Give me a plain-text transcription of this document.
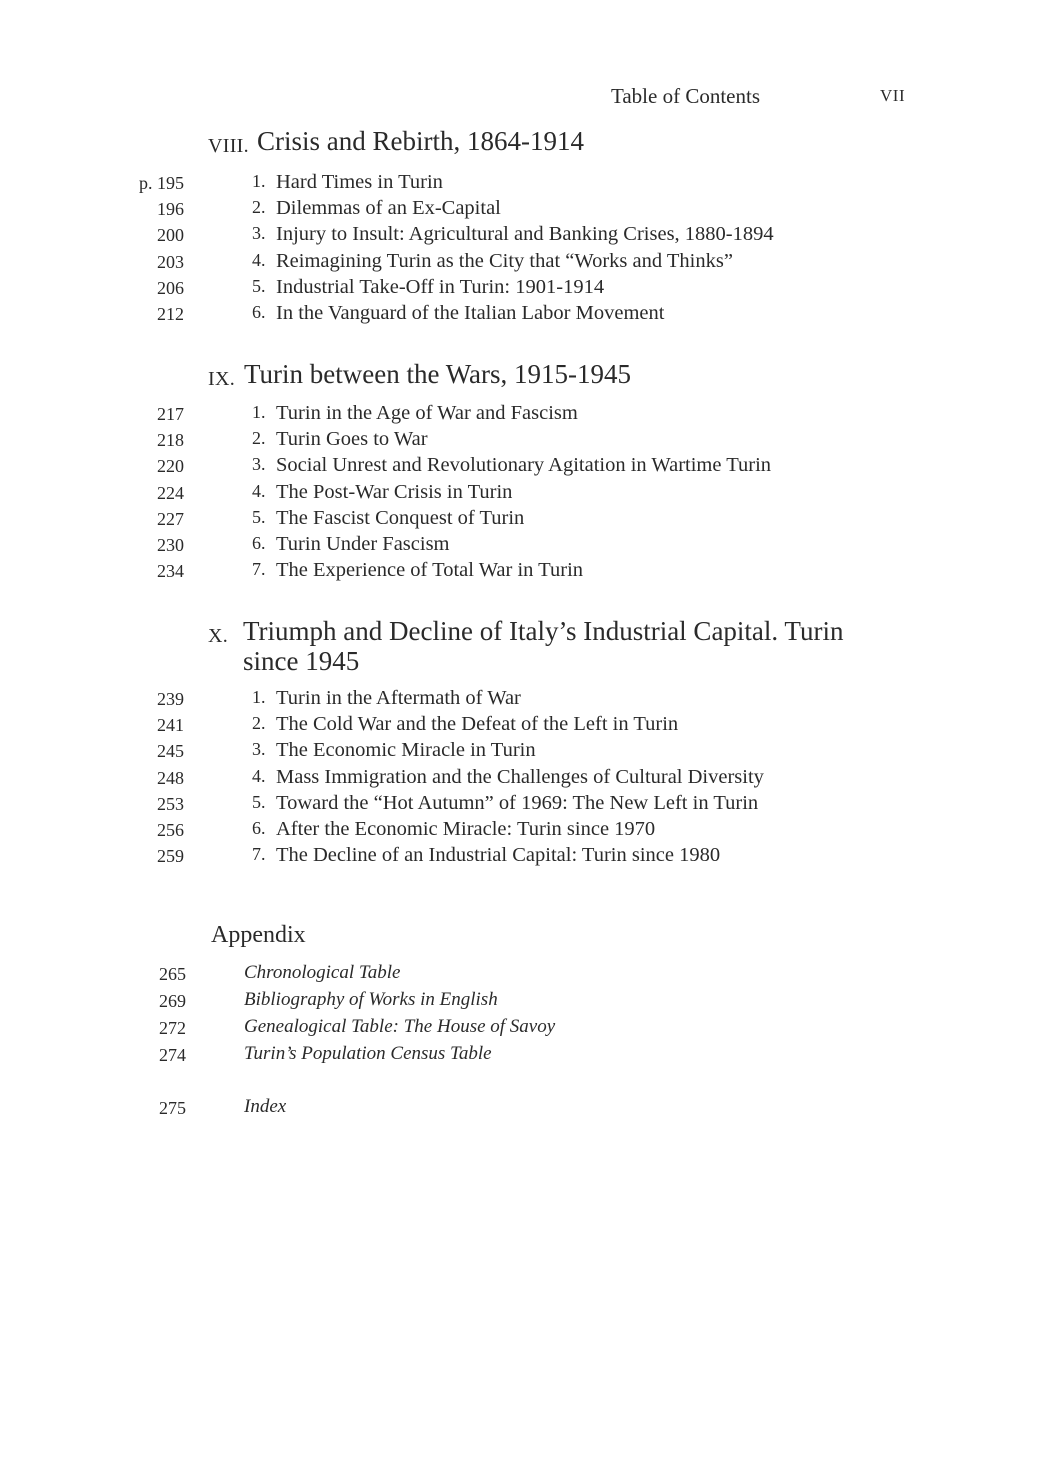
Table of Contents	VII
VIII. Crisis and Rebirth, 1864-1914
p. 195	1. Hard Times in Turin
196	2. Dilemmas of an Ex-Capital
200	3. Injury to Insult: Agricultural and Banking Crises, 1880-1894
203	4. Reimagining Turin as the City that “Works and Thinks”
206	5. Industrial Take-Off in Turin: 1901-1914
212	6. In the Vanguard of the Italian Labor Movement
IX. Turin between the Wars, 1915-1945
217	1. Turin in the Age of War and Fascism
218	2. Turin Goes to War
220	3. Social Unrest and Revolutionary Agitation in Wartime Turin
224	4. The Post-War Crisis in Turin
227	5. The Fascist Conquest of Turin
230	6. Turin Under Fascism
234	7. The Experience of Total War in Turin
X. Triumph and Decline of Italy’s Industrial Capital. Turin
since 1945
239	1. Turin in the Aftermath of War
241	2. The Cold War and the Defeat of the Left in Turin
245	3. The Economic Miracle in Turin
248	4. Mass Immigration and the Challenges of Cultural Diversity
253	5. Toward the “Hot Autumn” of 1969: The New Left in Turin
256	6. After the Economic Miracle: Turin since 1970
259	7. The Decline of an Industrial Capital: Turin since 1980
Appendix
265	Chronological Table
269	Bibliography of Works in English
272	Genealogical Table: The House of Savoy
274	Turin’s Population Census Table
275	Index
